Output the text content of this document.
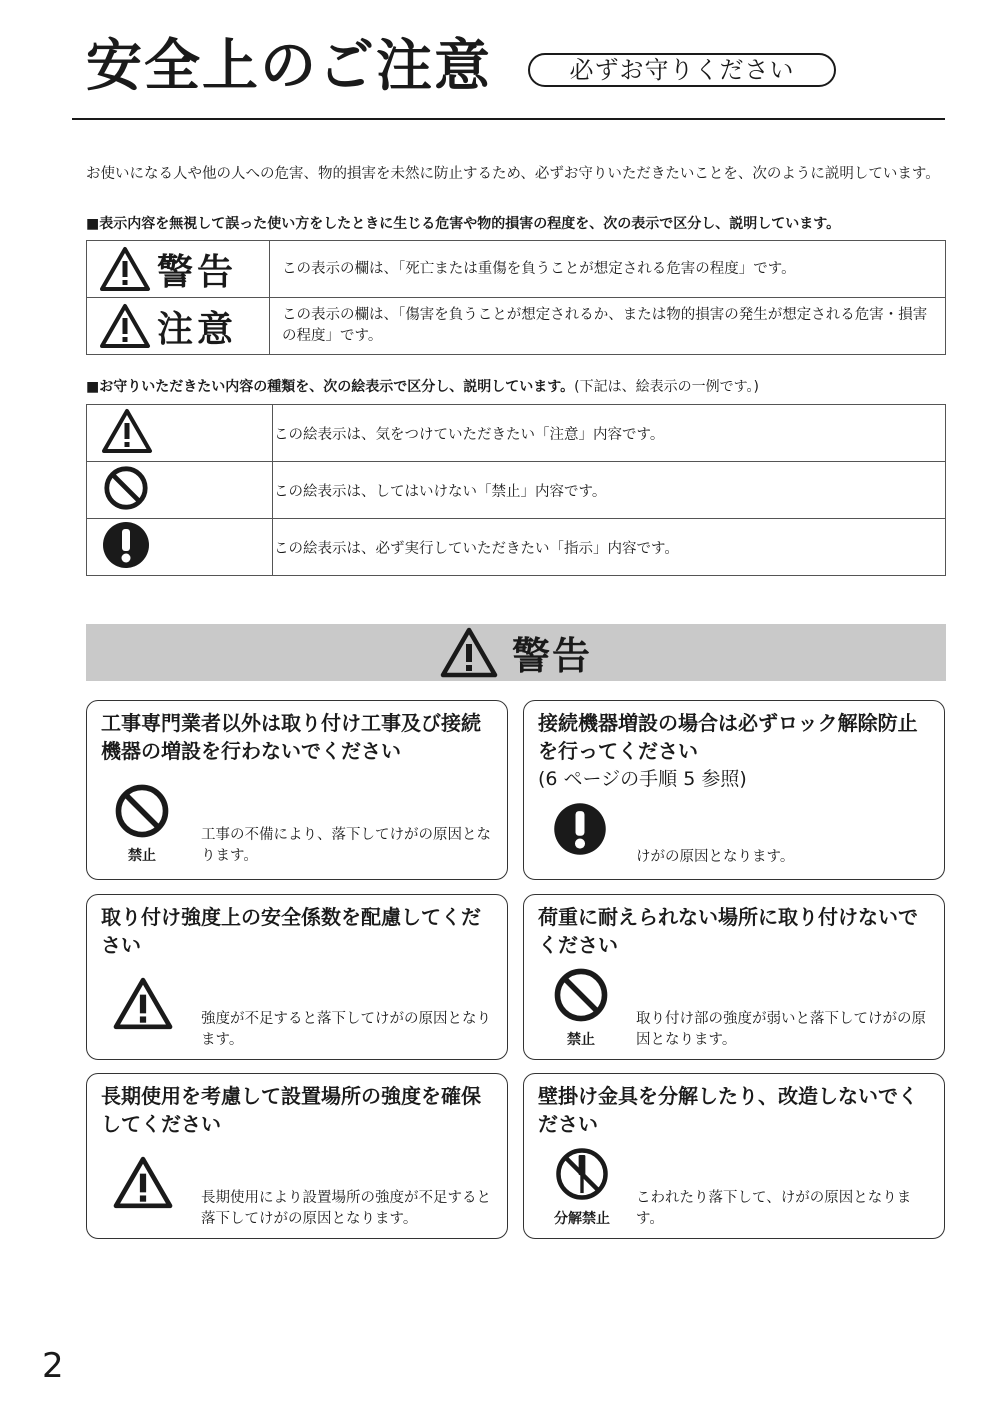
安全上のご注意	必ずお守りください
お使いになる人や他の人への危害、物的損害を未然に防止するため、必ずお守りいただきたいことを、次のように説明しています。
■表示内容を無視して誤った使い方をしたときに生じる危害や物的損害の程度を、次の表示で区分し、説明しています。
警告	この表示の欄は、「死亡または重傷を負うことが想定される危害の程度」です。

注意	この表示の欄は、「傷害を負うことが想定されるか、または物的損害の発生が想定される危害・損害の程度」です。
■お守りいただきたい内容の種類を、次の絵表示で区分し、説明しています。(下記は、絵表示の一例です。)
	この絵表示は、気をつけていただきたい「注意」内容です。
	この絵表示は、してはいけない「禁止」内容です。
	この絵表示は、必ず実行していただきたい「指示」内容です。
警告
工事専門業者以外は取り付け工事及び接続機器の増設を行わないでください
禁止
工事の不備により、落下してけがの原因となります。
接続機器増設の場合は必ずロック解除防止を行ってください
(6 ページの手順 5 参照)
けがの原因となります。
取り付け強度上の安全係数を配慮してください
強度が不足すると落下してけがの原因となります。
荷重に耐えられない場所に取り付けないでください
禁止
取り付け部の強度が弱いと落下してけがの原因となります。
長期使用を考慮して設置場所の強度を確保してください
長期使用により設置場所の強度が不足すると落下してけがの原因となります。
壁掛け金具を分解したり、改造しないでください
分解禁止
こわれたり落下して、けがの原因となります。
2
